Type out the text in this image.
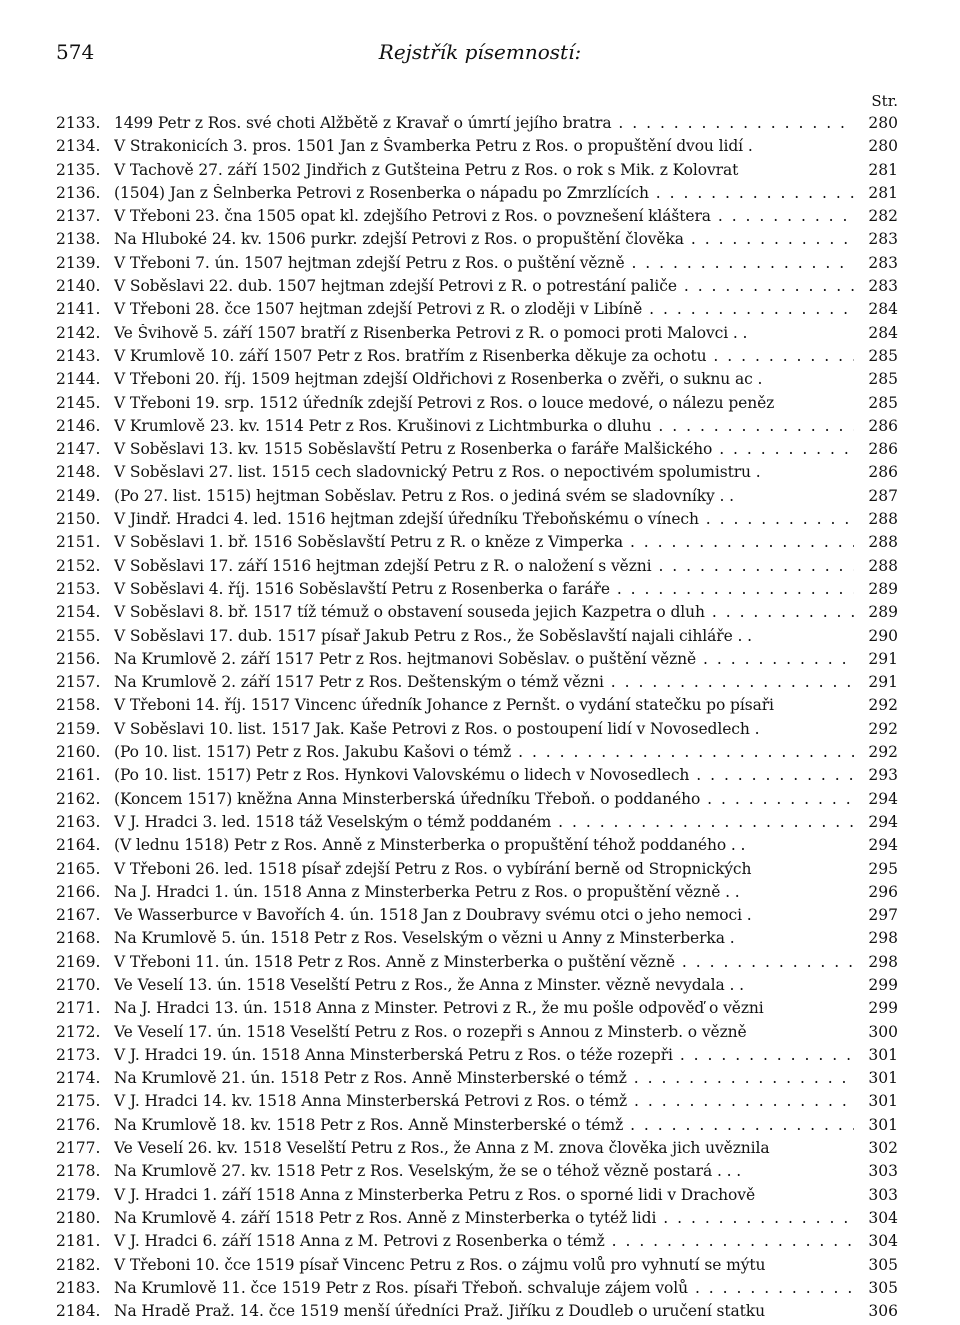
574	Rejstřík písemností:
Str.
2133. 1499 Petr z Ros. své choti Alžbětě z Kravař o úmrtí jejího bratra . . .	280
2134. V Strakonicích 3. pros. 1501 Jan z Švamberka Petru z Ros. o propuštění dvou lidí .	280
2135. V Tachově 27. září 1502 Jindřich z Gutšteina Petru z Ros. o rok s Mik. z Kolovrat	281
2136. (1504) Jan z Šelnberka Petrovi z Rosenberka o nápadu po Zmrzlících . . .	281
2137. V Třeboni 23. čna 1505 opat kl. zdejšího Petrovi z Ros. o povznešení kláštera . . .	282
2138. Na Hluboké 24. kv. 1506 purkr. zdejší Petrovi z Ros. o propuštění člověka . . .	283
2139. V Třeboni 7. ún. 1507 hejtman zdejší Petru z Ros. o puštění vězně . . .	283
2140. V Soběslavi 22. dub. 1507 hejtman zdejší Petrovi z R. o potrestání paliče . . .	283
2141. V Třeboni 28. čce 1507 hejtman zdejší Petrovi z R. o zloději v Libíně . . .	284
2142. Ve Švihově 5. září 1507 bratří z Risenberka Petrovi z R. o pomoci proti Malovci . .	284
2143. V Krumlově 10. září 1507 Petr z Ros. bratřím z Risenberka děkuje za ochotu . . .	285
2144. V Třeboni 20. říj. 1509 hejtman zdejší Oldřichovi z Rosenberka o zvěři, o suknu ac .	285
2145. V Třeboni 19. srp. 1512 úředník zdejší Petrovi z Ros. o louce medové, o nálezu peněz	285
2146. V Krumlově 23. kv. 1514 Petr z Ros. Krušinovi z Lichtmburka o dluhu . . .	286
2147. V Soběslavi 13. kv. 1515 Soběslavští Petru z Rosenberka o faráře Malšického . . .	286
2148. V Soběslavi 27. list. 1515 cech sladovnický Petru z Ros. o nepoctivém spolumistru .	286
2149. (Po 27. list. 1515) hejtman Soběslav. Petru z Ros. o jediná svém se sladovníky . .	287
2150. V Jindř. Hradci 4. led. 1516 hejtman zdejší úředníku Třeboňskému o vínech . . .	288
2151. V Soběslavi 1. bř. 1516 Soběslavští Petru z R. o kněze z Vimperka . . .	288
2152. V Soběslavi 17. září 1516 hejtman zdejší Petru z R. o naložení s vězni . . .	288
2153. V Soběslavi 4. říj. 1516 Soběslavští Petru z Rosenberka o faráře . . .	289
2154. V Soběslavi 8. bř. 1517 tíž témuž o obstavení souseda jejich Kazpetra o dluh . . .	289
2155. V Soběslavi 17. dub. 1517 písař Jakub Petru z Ros., že Soběslavští najali cihláře . .	290
2156. Na Krumlově 2. září 1517 Petr z Ros. hejtmanovi Soběslav. o puštění vězně . . .	291
2157. Na Krumlově 2. září 1517 Petr z Ros. Deštenským o témž vězni . . .	291
2158. V Třeboni 14. říj. 1517 Vincenc úředník Johance z Pernšt. o vydání statečku po písaři	292
2159. V Soběslavi 10. list. 1517 Jak. Kaše Petrovi z Ros. o postoupení lidí v Novosedlech .	292
2160. (Po 10. list. 1517) Petr z Ros. Jakubu Kašovi o témž . . .	292
2161. (Po 10. list. 1517) Petr z Ros. Hynkovi Valovskému o lidech v Novosedlech . . .	293
2162. (Koncem 1517) kněžna Anna Minsterberská úředníku Třeboň. o poddaného . . .	294
2163. V J. Hradci 3. led. 1518 táž Veselským o témž poddaném . . .	294
2164. (V lednu 1518) Petr z Ros. Anně z Minsterberka o propuštění téhož poddaného . .	294
2165. V Třeboni 26. led. 1518 písař zdejší Petru z Ros. o vybírání berně od Stropnických	295
2166. Na J. Hradci 1. ún. 1518 Anna z Minsterberka Petru z Ros. o propuštění vězně . .	296
2167. Ve Wasserburce v Bavořích 4. ún. 1518 Jan z Doubravy svému otci o jeho nemoci .	297
2168. Na Krumlově 5. ún. 1518 Petr z Ros. Veselským o vězni u Anny z Minsterberka .	298
2169. V Třeboni 11. ún. 1518 Petr z Ros. Anně z Minsterberka o puštění vězně . . .	298
2170. Ve Veselí 13. ún. 1518 Veselští Petru z Ros., že Anna z Minster. vězně nevydala . .	299
2171. Na J. Hradci 13. ún. 1518 Anna z Minster. Petrovi z R., že mu pošle odpověď o vězni	299
2172. Ve Veselí 17. ún. 1518 Veselští Petru z Ros. o rozepři s Annou z Minsterb. o vězně	300
2173. V J. Hradci 19. ún. 1518 Anna Minsterberská Petru z Ros. o téže rozepři . . .	301
2174. Na Krumlově 21. ún. 1518 Petr z Ros. Anně Minsterberské o témž . . .	301
2175. V J. Hradci 14. kv. 1518 Anna Minsterberská Petrovi z Ros. o témž . . .	301
2176. Na Krumlově 18. kv. 1518 Petr z Ros. Anně Minsterberské o témž . . .	301
2177. Ve Veselí 26. kv. 1518 Veselští Petru z Ros., že Anna z M. znova člověka jich uvěznila	302
2178. Na Krumlově 27. kv. 1518 Petr z Ros. Veselským, že se o téhož vězně postará . . .	303
2179. V J. Hradci 1. září 1518 Anna z Minsterberka Petru z Ros. o sporné lidi v Drachově	303
2180. Na Krumlově 4. září 1518 Petr z Ros. Anně z Minsterberka o tytéž lidi . . .	304
2181. V J. Hradci 6. září 1518 Anna z M. Petrovi z Rosenberka o témž . . .	304
2182. V Třeboni 10. čce 1519 písař Vincenc Petru z Ros. o zájmu volů pro vyhnutí se mýtu	305
2183. Na Krumlově 11. čce 1519 Petr z Ros. písaři Třeboň. schvaluje zájem volů . . .	305
2184. Na Hradě Praž. 14. čce 1519 menší úředníci Praž. Jiříku z Doudleb o uručení statku	306
